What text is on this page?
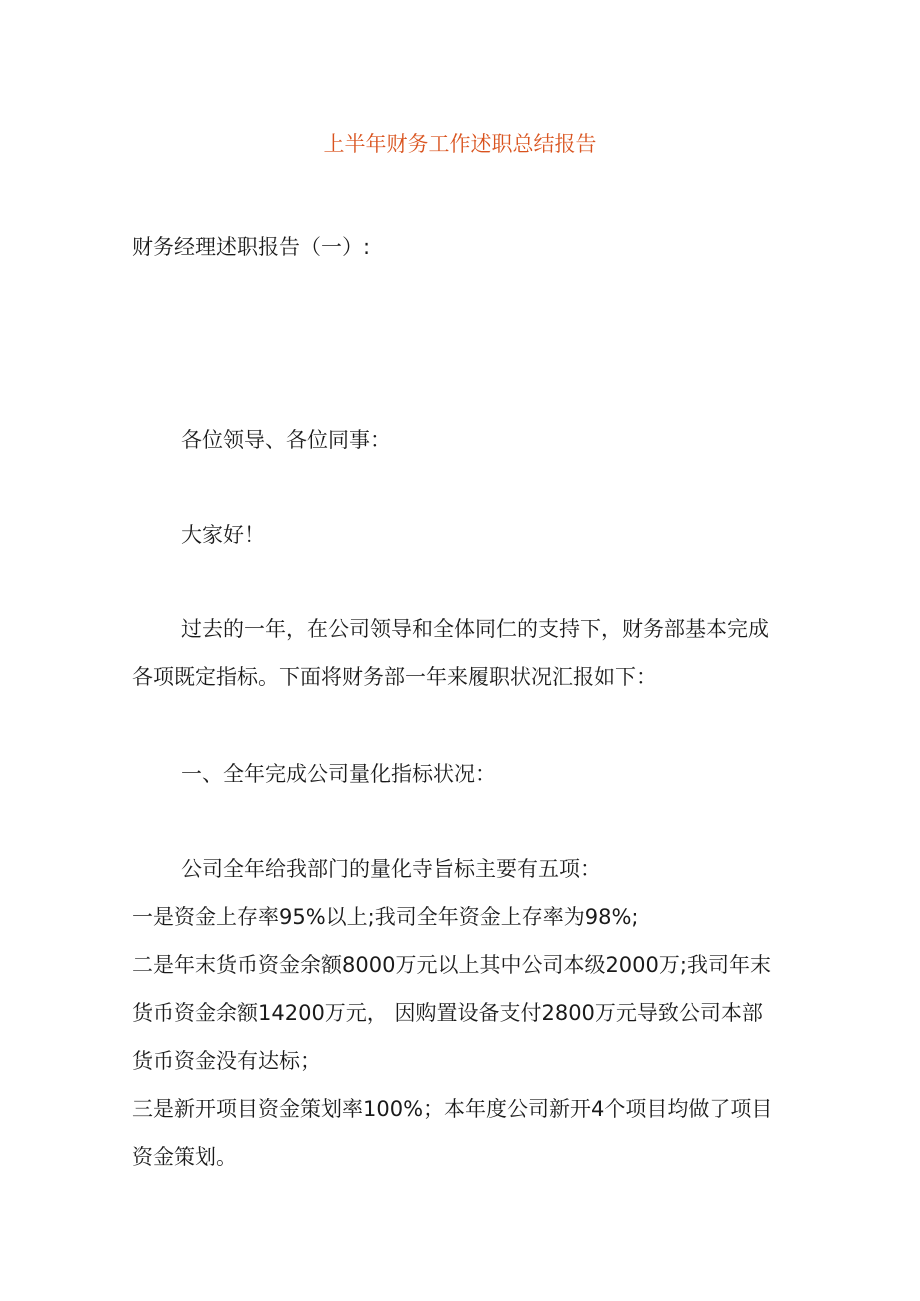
上半年财务工作述职总结报告
财务经理述职报告（一）:
各位领导、各位同事：
大家好！
过去的一年，在公司领导和全体同仁的支持下，财务部基本完成
各项既定指标。下面将财务部一年来履职状况汇报如下：
一、全年完成公司量化指标状况：
公司全年给我部门的量化寺旨标主要有五项：
一是资金上存率95%以上;我司全年资金上存率为98%;
二是年末货币资金余额8000万元以上其中公司本级2000万;我司年末
货币资金余额14200万元， 因购置设备支付2800万元导致公司本部
货币资金没有达标；
三是新开项目资金策划率100%；本年度公司新开4个项目均做了项目
资金策划。
